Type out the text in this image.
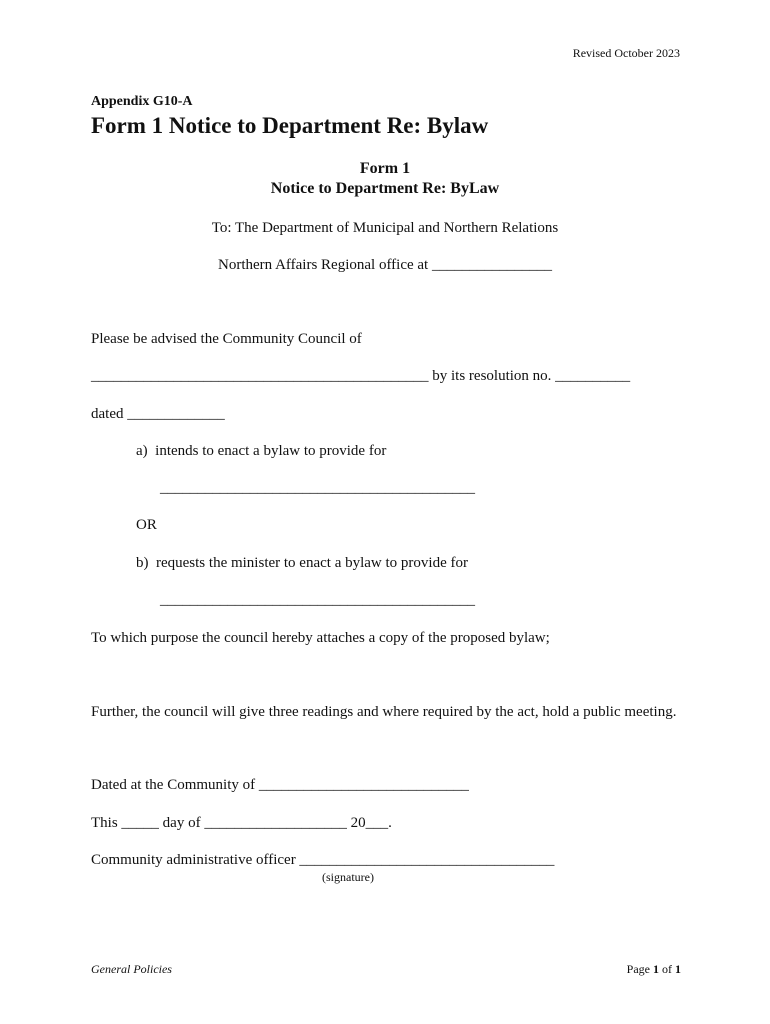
Revised October 2023
Appendix G10-A
Form 1 Notice to Department Re: Bylaw
Form 1
Notice to Department Re: ByLaw
To: The Department of Municipal and Northern Relations
Northern Affairs Regional office at ________________
Please be advised the Community Council of
_____________________________________________ by its resolution no. __________
dated _____________
a)  intends to enact a bylaw to provide for
__________________________________________
OR
b)  requests the minister to enact a bylaw to provide for
__________________________________________
To which purpose the council hereby attaches a copy of the proposed bylaw;
Further, the council will give three readings and where required by the act, hold a public meeting.
Dated at the Community of ____________________________
This _____ day of ___________________ 20___.
Community administrative officer __________________________________
(signature)
General Policies	Page 1 of 1
